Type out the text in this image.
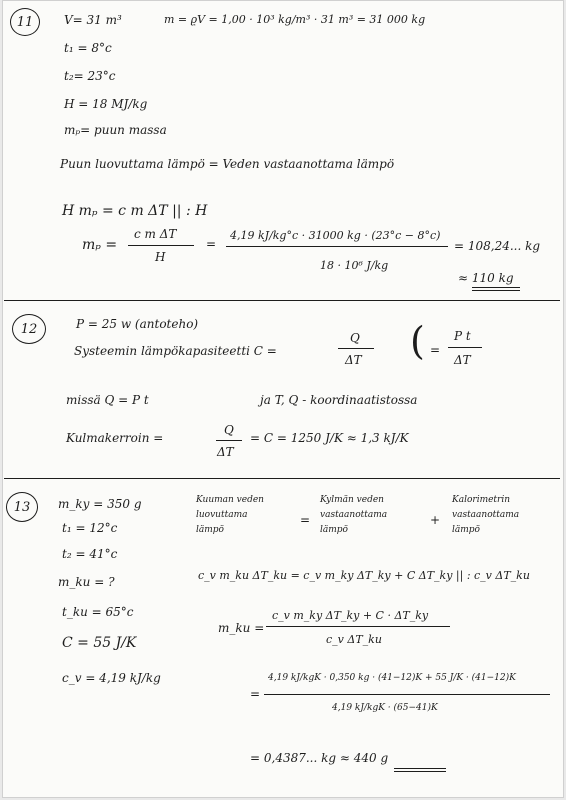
11	V= 31 m³	m = ϱV = 1,00 · 10³ kg/m³ · 31 m³ = 31 000 kg
t₁ = 8°c
t₂= 23°c
H = 18 MJ/kg
mₚ= puun massa
Puun luovuttama lämpö = Veden vastaanottama lämpö
H mₚ = c m ΔT || : H
mₚ =
c m ΔT
H
=
4,19 kJ/kg°c · 31000 kg · (23°c − 8°c)
18 · 10⁶ J/kg
= 108,24... kg
≈ 110 kg
12	P = 25 w (antoteho)
Systeemin lämpökapasiteetti C =
Q
ΔT ( =
P t
ΔT
missä Q = P t	ja T, Q - koordinaatistossa
Kulmakerroin =
Q
ΔT
= C = 1250 J/K ≈ 1,3 kJ/K
13	m_ky = 350 g
t₁ = 12°c
t₂ = 41°c
m_ku = ?
t_ku = 65°c
C = 55 J/K
c_v = 4,19 kJ/kg
Kuuman veden
luovuttama
lämpö
=
Kylmän veden
vastaanottama
lämpö
+
Kalorimetrin
vastaanottama
lämpö
c_v m_ku ΔT_ku = c_v m_ky ΔT_ky + C ΔT_ky || : c_v ΔT_ku
m_ku =
c_v m_ky ΔT_ky + C · ΔT_ky
c_v ΔT_ku
=
4,19 kJ/kgK · 0,350 kg · (41−12)K + 55 J/K · (41−12)K
4,19 kJ/kgK · (65−41)K
= 0,4387... kg ≈ 440 g
